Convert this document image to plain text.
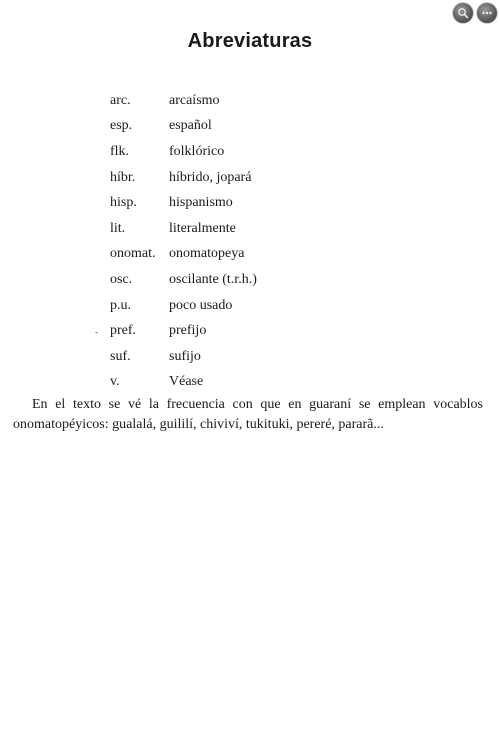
Abreviaturas
arc.	arcaísmo
esp.	español
flk.	folklórico
híbr.	híbrido, jopará
hisp.	hispanismo
lit.	literalmente
onomat. onomatopeya
osc.	oscilante (t.r.h.)
p.u.	poco usado
pref.	prefijo
suf.	sufijo
v.	Véase
-

En el texto se vé la frecuencia con que en guaraní se emplean vocablos onomatopéyicos: gualalá, guililí, chiviví, tukituki, pereré, pararã...
